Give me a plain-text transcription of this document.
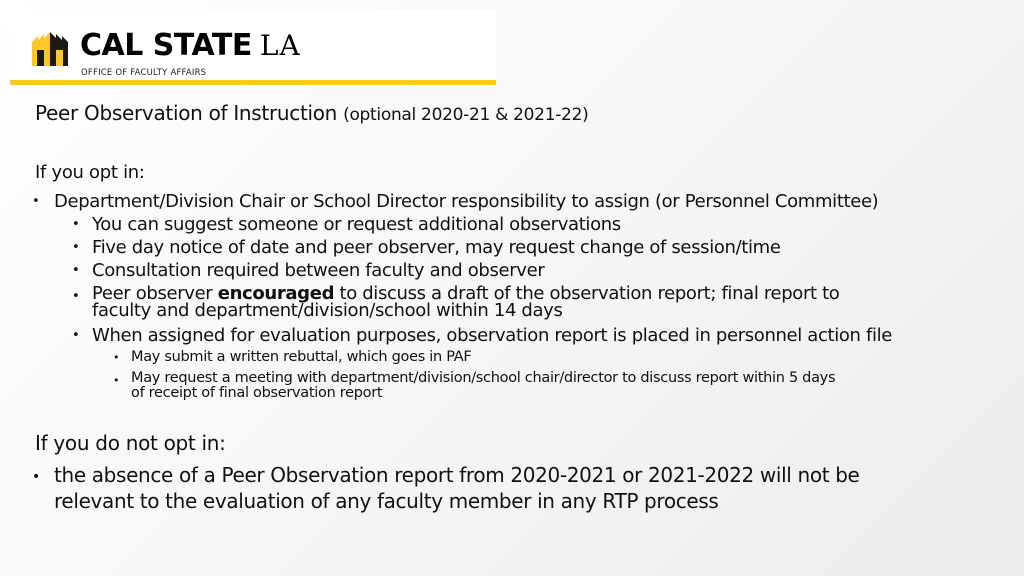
CAL STATE LA
OFFICE OF FACULTY AFFAIRS
Peer Observation of Instruction (optional 2020-21 & 2021-22)
If you opt in:
• Department/Division Chair or School Director responsibility to assign (or Personnel Committee)
• You can suggest someone or request additional observations
• Five day notice of date and peer observer, may request change of session/time
• Consultation required between faculty and observer
• Peer observer encouraged to discuss a draft of the observation report; final report to
faculty and department/division/school within 14 days
• When assigned for evaluation purposes, observation report is placed in personnel action file
• May submit a written rebuttal, which goes in PAF
• May request a meeting with department/division/school chair/director to discuss report within 5 days
of receipt of final observation report
If you do not opt in:
• the absence of a Peer Observation report from 2020-2021 or 2021-2022 will not be
relevant to the evaluation of any faculty member in any RTP process
